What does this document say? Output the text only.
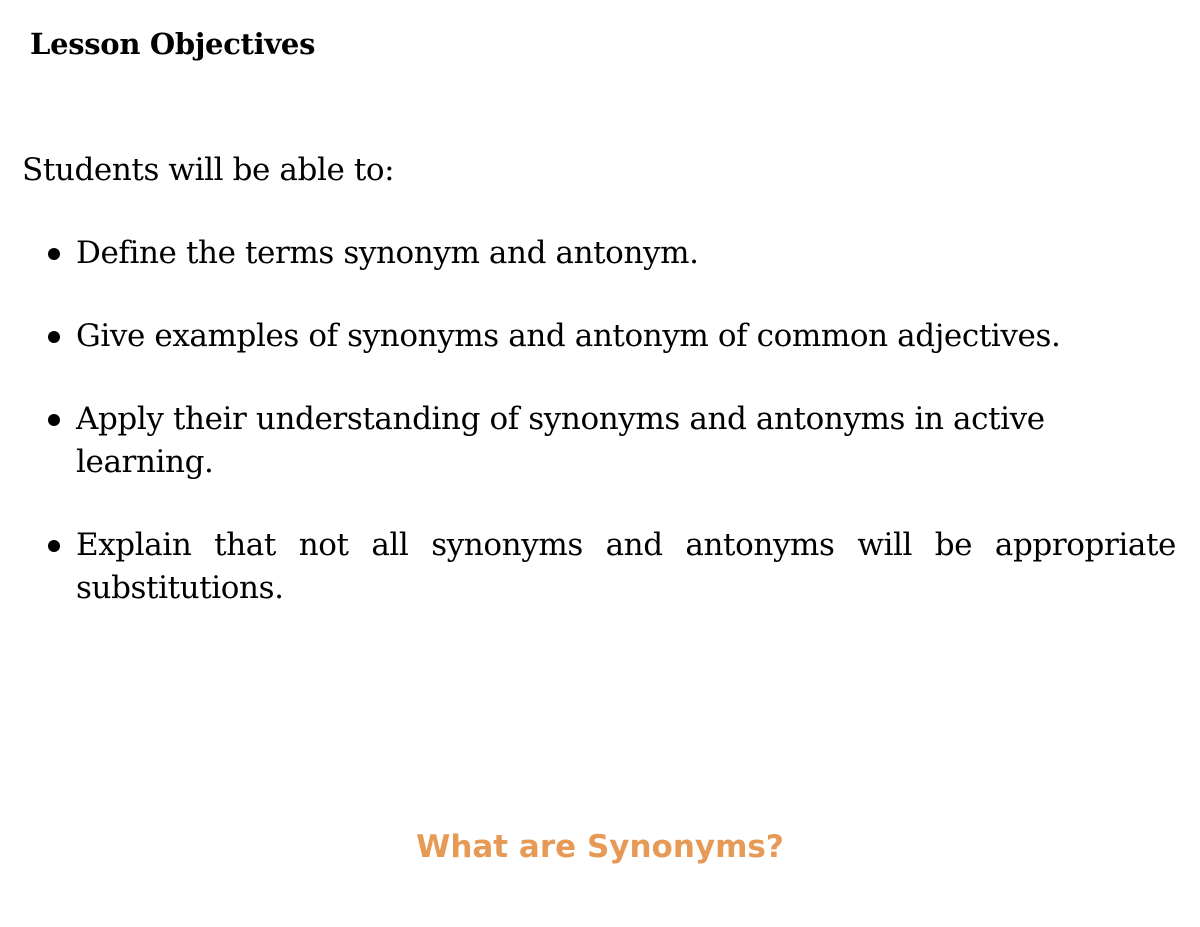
Lesson Objectives

Students will be able to:

Define the terms synonym and antonym.
Give examples of synonyms and antonym of common adjectives.
Apply their understanding of synonyms and antonyms in active learning.
Explain that not all synonyms and antonyms will be appropriate substitutions.
What are Synonyms?
